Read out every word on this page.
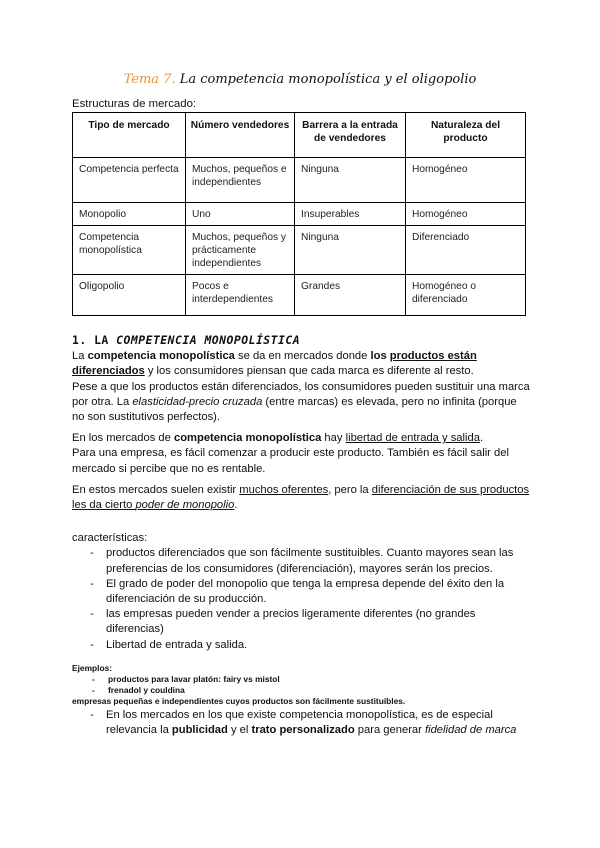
Tema 7. La competencia monopolística y el oligopolio
Estructuras de mercado:
Tipo de mercado	Número vendedores	Barrera a la entrada de vendedores	Naturaleza del producto
Competencia perfecta	Muchos, pequeños e independientes	Ninguna	Homogéneo
Monopolio	Uno	Insuperables	Homogéneo
Competencia monopolística	Muchos, pequeños y prácticamente independientes	Ninguna	Diferenciado
Oligopolio	Pocos e interdependientes	Grandes	Homogéneo o diferenciado

1. LA COMPETENCIA MONOPOLÍSTICA

La competencia monopolística se da en mercados donde los productos están diferenciados y los consumidores piensan que cada marca es diferente al resto.
Pese a que los productos están diferenciados, los consumidores pueden sustituir una marca por otra. La elasticidad-precio cruzada (entre marcas) es elevada, pero no infinita (porque no son sustitutivos perfectos).

En los mercados de competencia monopolística hay libertad de entrada y salida.
Para una empresa, es fácil comenzar a producir este producto. También es fácil salir del mercado si percibe que no es rentable.

En estos mercados suelen existir muchos oferentes, pero la diferenciación de sus productos les da cierto poder de monopolio.

características:

- productos diferenciados que son fácilmente sustituibles. Cuanto mayores sean las preferencias de los consumidores (diferenciación), mayores serán los precios.
- El grado de poder del monopolio que tenga la empresa depende del éxito den la diferenciación de su producción.
- las empresas pueden vender a precios ligeramente diferentes (no grandes diferencias)
- Libertad de entrada y salida.

Ejemplos:

- productos para lavar platón: fairy vs mistol
- frenadol y couldina

empresas pequeñas e independientes cuyos productos son fácilmente sustituibles.

- En los mercados en los que existe competencia monopolística, es de especial relevancia la publicidad y el trato personalizado para generar fidelidad de marca
